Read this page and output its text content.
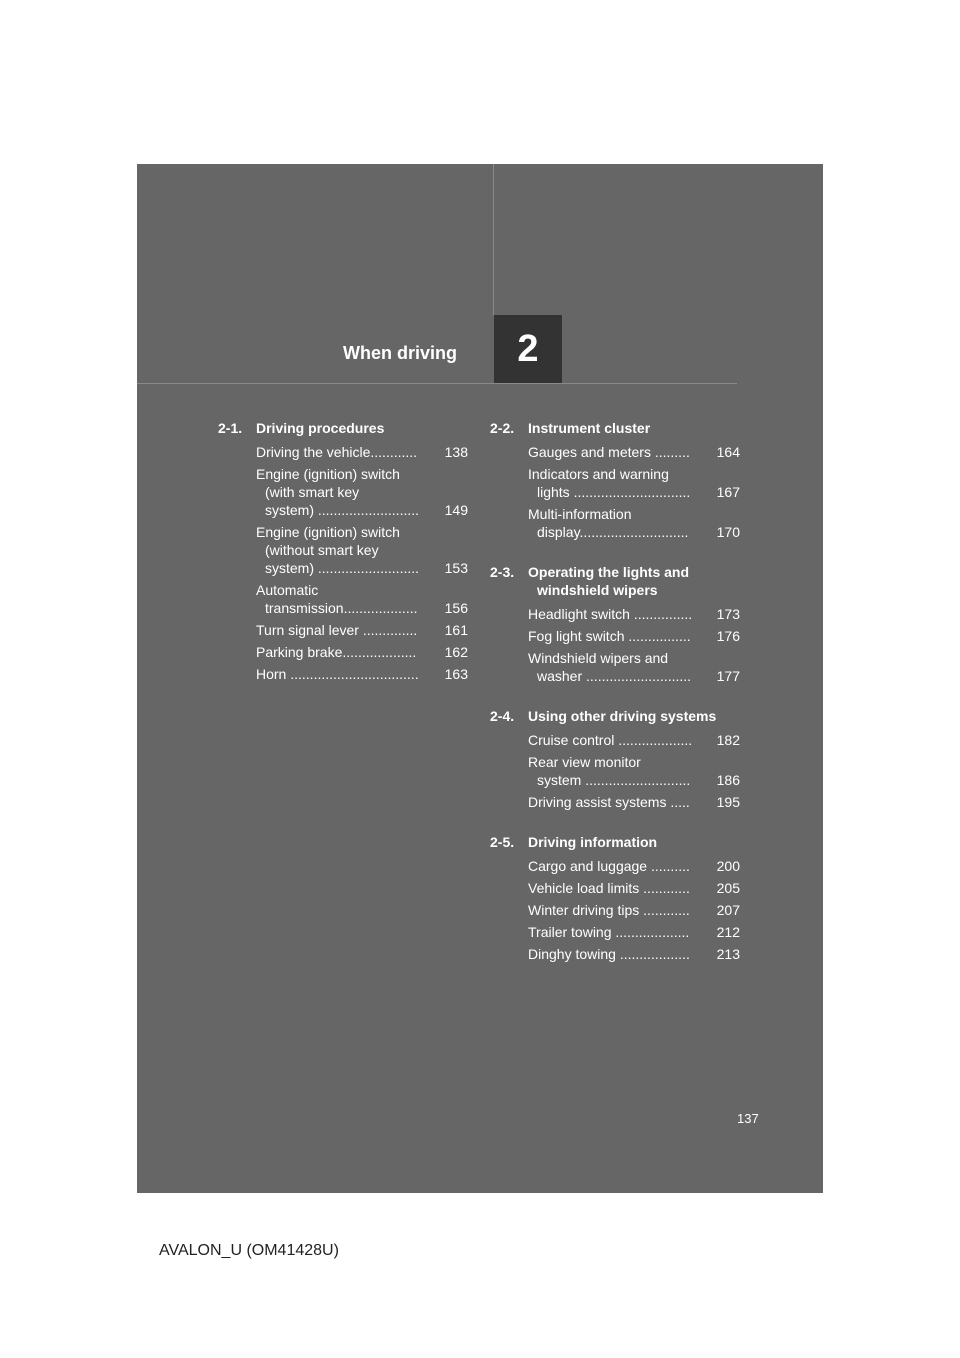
When driving	2
2-1. Driving procedures
Driving the vehicle............	138
Engine (ignition) switch
(with smart key
system) ..........................	149
Engine (ignition) switch
(without smart key
system) ..........................	153
Automatic
transmission...................	156
Turn signal lever ..............	161
Parking brake...................	162
Horn .................................	163
2-2. Instrument cluster
Gauges and meters .........	164
Indicators and warning
lights ..............................	167
Multi-information
display............................	170
2-3. Operating the lights and

windshield wipers
Headlight switch ...............	173
Fog light switch ................	176
Windshield wipers and
washer ...........................	177
2-4. Using other driving systems
Cruise control ...................	182
Rear view monitor
system ...........................	186
Driving assist systems .....	195
2-5. Driving information
Cargo and luggage ..........	200
Vehicle load limits ............	205
Winter driving tips ............	207
Trailer towing ...................	212
Dinghy towing ..................	213
137
AVALON_U (OM41428U)
